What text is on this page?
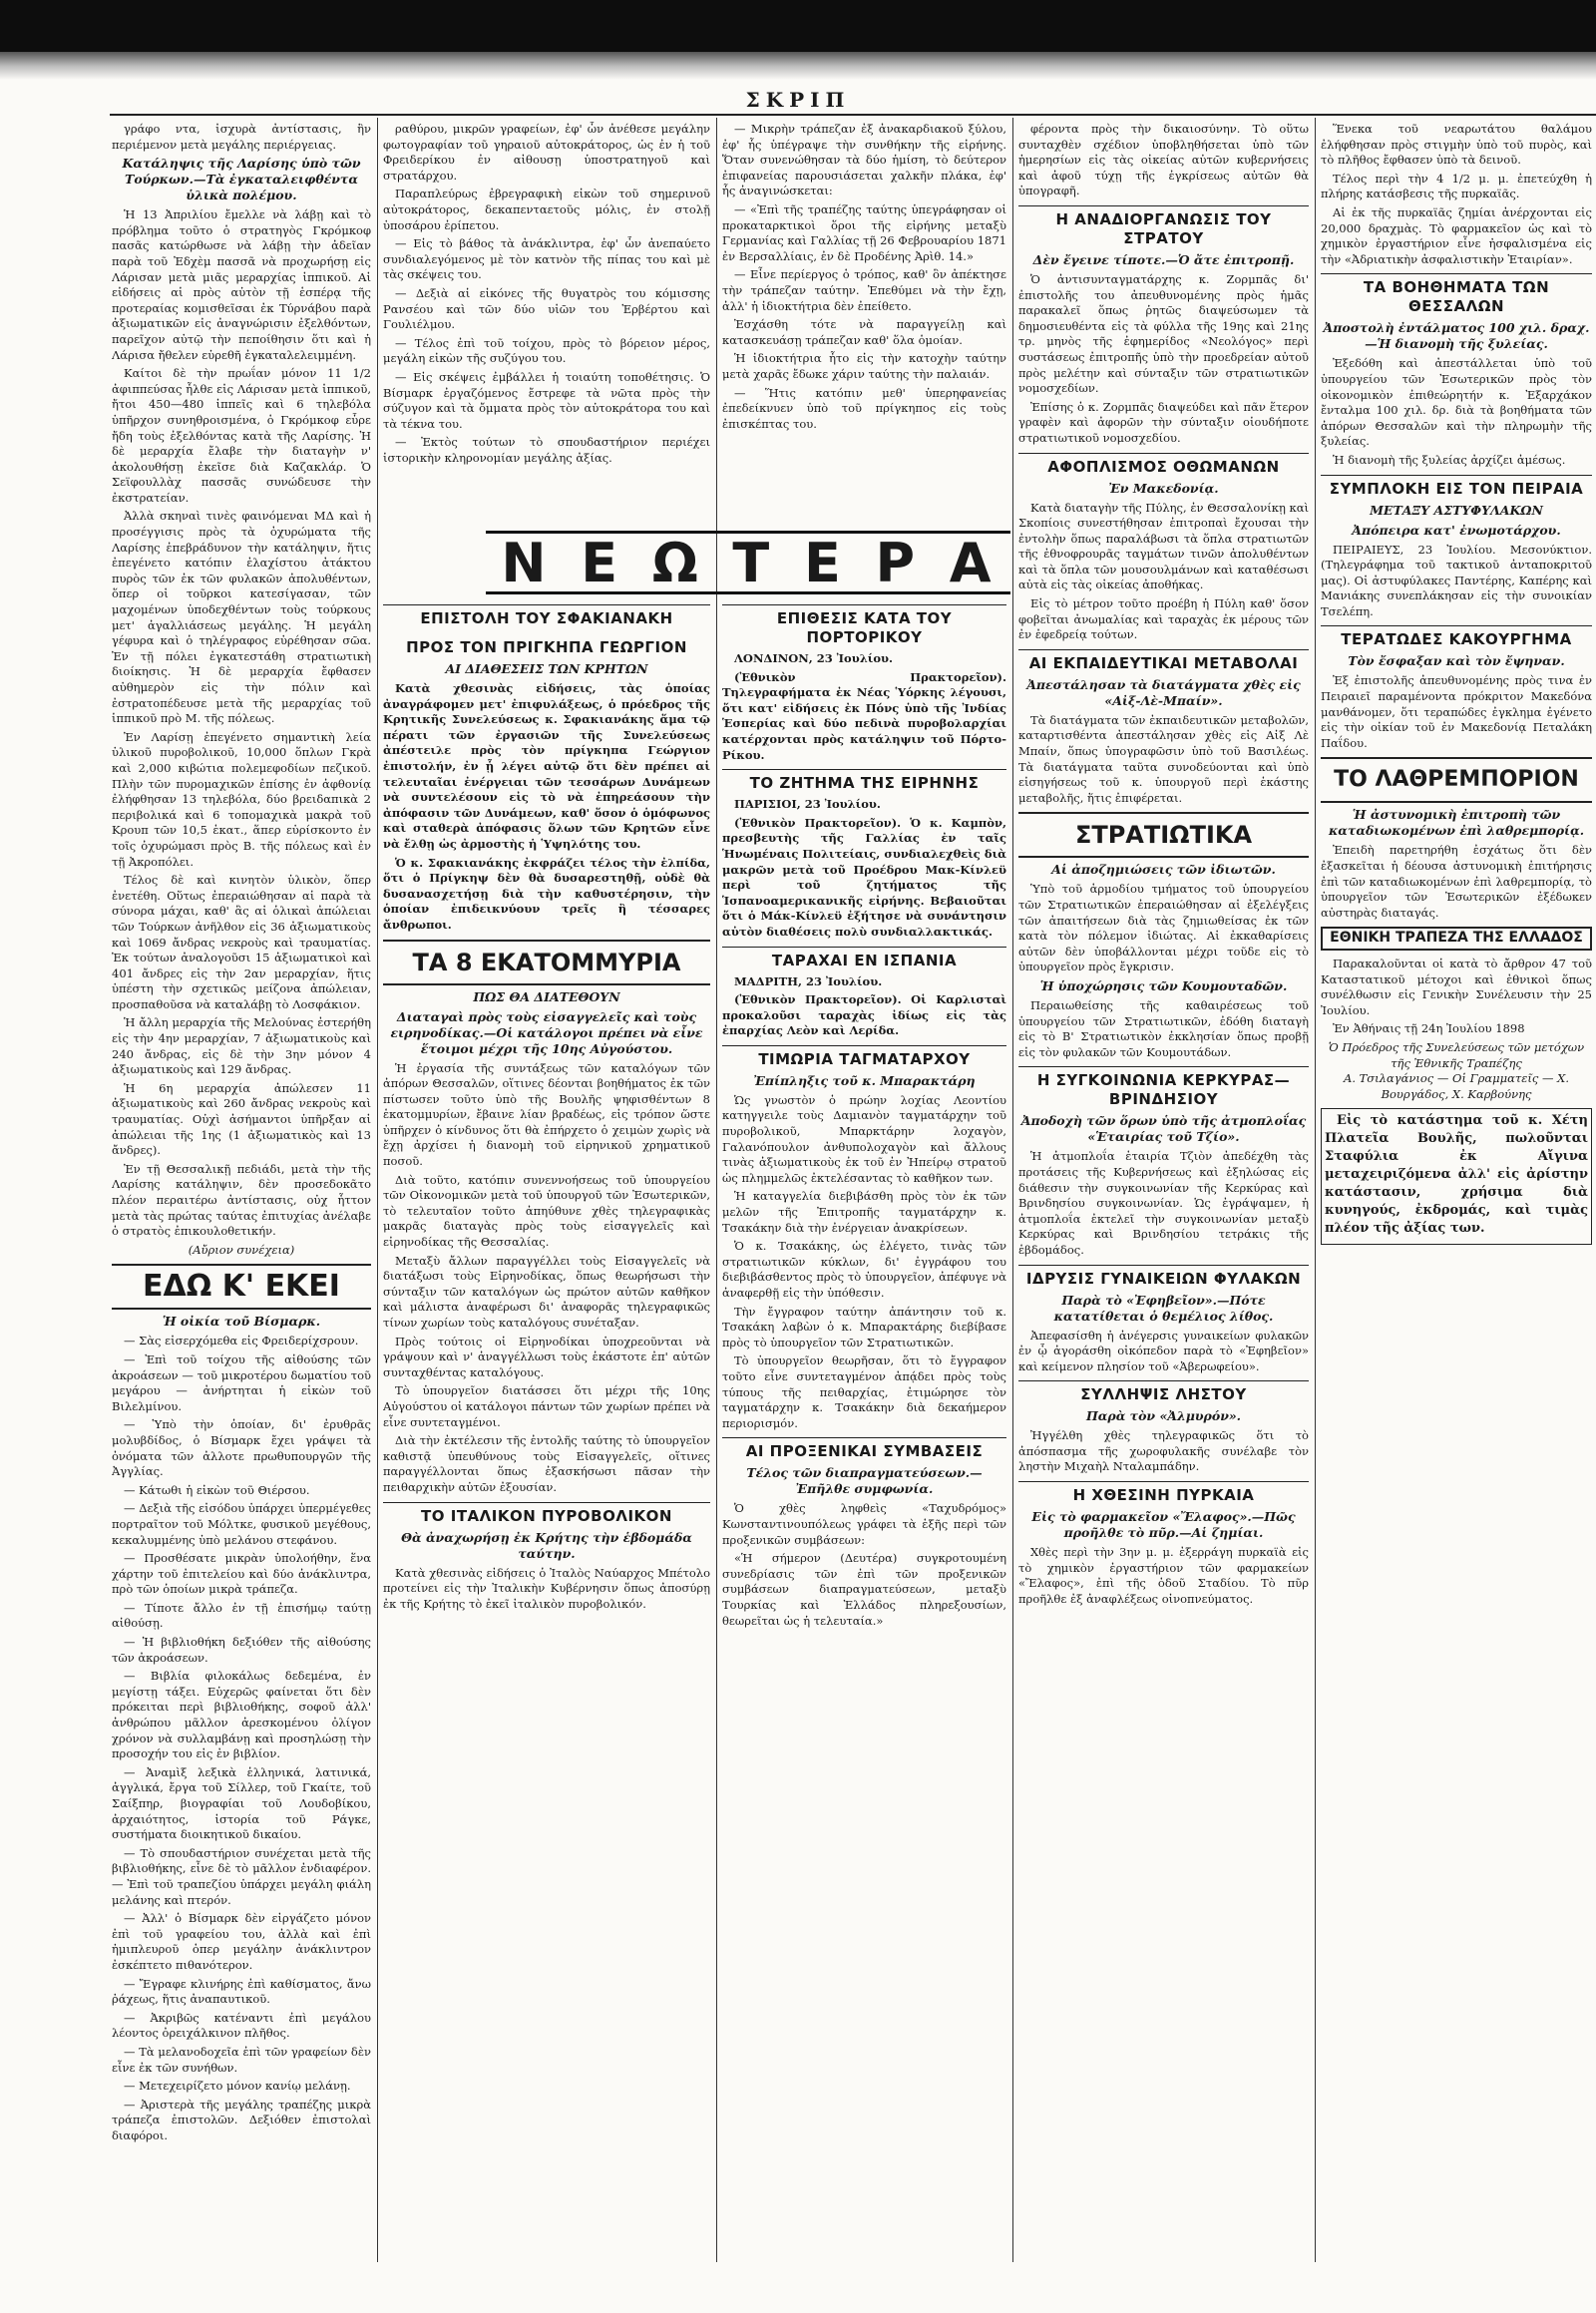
ΣΚΡΙΠ

γράφο ντα, ἰσχυρὰ ἀντίστασις, ἣν περιέμενον μετὰ μεγάλης περιέργειας.

Κατάληψις τῆς Λαρίσης ὑπὸ τῶν Τούρκων.—Τὰ ἐγκαταλειφθέντα ὑλικὰ πολέμου.

Ἡ 13 Ἀπριλίου ἔμελλε νὰ λάβῃ καὶ τὸ πρόβλημα τοῦτο ὁ στρατηγὸς Γκρόμκοφ πασᾶς κατώρθωσε νὰ λάβῃ τὴν ἀδεῖαν παρὰ τοῦ Ἐδχὲμ πασσᾶ νὰ προχωρήσῃ εἰς Λάρισαν μετὰ μιᾶς μεραρχίας ἱππικοῦ. Αἱ εἰδήσεις αἱ πρὸς αὐτὸν τῇ ἑσπέρᾳ τῆς προτεραίας κομισθεῖσαι ἐκ Τύρνάβου παρὰ ἀξιωματικῶν εἰς ἀναγνώρισιν ἐξελθόντων, παρεῖχον αὐτῷ τὴν πεποίθησιν ὅτι καὶ ἡ Λάρισα ἤθελεν εὑρεθῆ ἐγκαταλελειμμένη.

Καίτοι δὲ τὴν πρωΐαν μόνον 11 1/2 ἀφιππεύσας ἦλθε εἰς Λάρισαν μετὰ ἱππικοῦ, ἤτοι 450—480 ἱππεῖς καὶ 6 τηλεβόλα ὑπῆρχον συνηθροισμένα, ὁ Γκρόμκοφ εὗρε ἤδη τοὺς ἐξελθόντας κατὰ τῆς Λαρίσης. Ἡ δὲ μεραρχία ἔλαβε τὴν διαταγὴν ν' ἀκολουθήσῃ ἐκεῖσε διὰ Καζακλάρ. Ὁ Σεϊφουλλὰχ πασσᾶς συνώδευσε τὴν ἐκστρατείαν.

Ἀλλὰ σκηναὶ τινὲς φαινόμεναι ΜΔ καὶ ἡ προσέγγισις πρὸς τὰ ὀχυρώματα τῆς Λαρίσης ἐπεβράδυνον τὴν κατάληψιν, ἥτις ἐπεγένετο κατόπιν ἐλαχίστου ἀτάκτου πυρὸς τῶν ἐκ τῶν φυλακῶν ἀπολυθέντων, ὅπερ οἱ τοῦρκοι κατεσίγασαν, τῶν μαχομένων ὑποδεχθέντων τοὺς τούρκους μετ' ἀγαλλιάσεως μεγάλης. Ἡ μεγάλη γέφυρα καὶ ὁ τηλέγραφος εὑρέθησαν σῶα. Ἐν τῇ πόλει ἐγκατεστάθη στρατιωτικὴ διοίκησις. Ἡ δὲ μεραρχία ἔφθασεν αὐθημερὸν εἰς τὴν πόλιν καὶ ἐστρατοπέδευσε μετὰ τῆς μεραρχίας τοῦ ἱππικοῦ πρὸ Μ. τῆς πόλεως.

Ἐν Λαρίσῃ ἐπεγένετο σημαντικὴ λεία ὑλικοῦ πυροβολικοῦ, 10,000 ὅπλων Γκρὰ καὶ 2,000 κιβώτια πολεμεφοδίων πεζικοῦ. Πλὴν τῶν πυρομαχικῶν ἐπίσης ἐν ἀφθονίᾳ ἐλήφθησαν 13 τηλεβόλα, δύο βρειδαπικὰ 2 περιβολικά καὶ 6 τοπομαχικὰ μακρὰ τοῦ Κρουπ τῶν 10,5 ἑκατ., ἅπερ εὑρίσκοντο ἐν τοῖς ὀχυρώμασι πρὸς Β. τῆς πόλεως καὶ ἐν τῇ Ἀκροπόλει.

Τέλος δὲ καὶ κινητὸν ὑλικὸν, ὅπερ ἐνετέθη. Οὕτως ἐπεραιώθησαν αἱ παρὰ τὰ σύνορα μάχαι, καθ' ἃς αἱ ὁλικαὶ ἀπώλειαι τῶν Τούρκων ἀνῆλθον εἰς 36 ἀξιωματικοὺς καὶ 1069 ἄνδρας νεκροὺς καὶ τραυματίας. Ἐκ τούτων ἀναλογοῦσι 15 ἀξιωματικοὶ καὶ 401 ἄνδρες εἰς τὴν 2αν μεραρχίαν, ἥτις ὑπέστη τὴν σχετικῶς μείζονα ἀπώλειαν, προσπαθοῦσα νὰ καταλάβῃ τὸ Λοσφάκιον.

Ἡ ἄλλη μεραρχία τῆς Μελούνας ἐστερήθη εἰς τὴν 4ην μεραρχίαν, 7 ἀξιωματικοὺς καὶ 240 ἄνδρας, εἰς δὲ τὴν 3ην μόνον 4 ἀξιωματικοὺς καὶ 129 ἄνδρας.

Ἡ 6η μεραρχία ἀπώλεσεν 11 ἀξιωματικοὺς καὶ 260 ἄνδρας νεκροὺς καὶ τραυματίας. Οὐχὶ ἀσήμαντοι ὑπῆρξαν αἱ ἀπώλειαι τῆς 1ης (1 ἀξιωματικὸς καὶ 13 ἄνδρες).

Ἐν τῇ Θεσσαλικῇ πεδιάδι, μετὰ τὴν τῆς Λαρίσης κατάληψιν, δὲν προσεδοκᾶτο πλέον περαιτέρω ἀντίστασις, οὐχ ἧττον μετὰ τὰς πρώτας ταύτας ἐπιτυχίας ἀνέλαβε ὁ στρατὸς ἐπικουλοθετικήν.

(Αὔριον συνέχεια)
ΕΔΩ Κ' ΕΚΕΙ
Ἡ οἰκία τοῦ Βίσμαρκ.

— Σὰς εἰσερχόμεθα εἰς Φρειδερίχσρουν.

— Ἐπὶ τοῦ τοίχου τῆς αἰθούσης τῶν ἀκροάσεων — τοῦ μικροτέρου δωματίου τοῦ μεγάρου — ἀνήρτηται ἡ εἰκὼν τοῦ Βιλελμίνου.

— Ὑπὸ τὴν ὁποίαν, δι' ἐρυθρᾶς μολυβδίδος, ὁ Βίσμαρκ ἔχει γράψει τὰ ὀνόματα τῶν ἀλλοτε πρωθυπουργῶν τῆς Ἀγγλίας.

— Κάτωθι ἡ εἰκὼν τοῦ Θιέρσου.

— Δεξιὰ τῆς εἰσόδου ὑπάρχει ὑπερμέγεθες πορτραῖτον τοῦ Μόλτκε, φυσικοῦ μεγέθους, κεκαλυμμένης ὑπὸ μελάνου στεφάνου.

— Προσθέσατε μικρὰν ὑπολοήθην, ἕνα χάρτην τοῦ ἐπιτελείου καὶ δύο ἀνάκλιντρα, πρὸ τῶν ὁποίων μικρὰ τράπεζα.

— Τίποτε ἄλλο ἐν τῇ ἐπισήμῳ ταύτῃ αἰθούσῃ.

— Ἡ βιβλιοθήκη δεξιόθεν τῆς αἰθούσης τῶν ἀκροάσεων.

— Βιβλία φιλοκάλως δεδεμένα, ἐν μεγίστῃ τάξει. Εὐχερῶς φαίνεται ὅτι δὲν πρόκειται περὶ βιβλιοθήκης, σοφοῦ ἀλλ' ἀνθρώπου μᾶλλον ἀρεσκομένου ὀλίγον χρόνον νὰ συλλαμβάνῃ καὶ προσηλώσῃ τὴν προσοχήν του εἰς ἐν βιβλίον.

— Ἀναμὶξ λεξικὰ ἑλληνικά, λατινικά, ἀγγλικά, ἔργα τοῦ Σίλλερ, τοῦ Γκαίτε, τοῦ Σαίξπηρ, βιογραφίαι τοῦ Λουδοβίκου, ἀρχαιότητος, ἱστορία τοῦ Ράγκε, συστήματα διοικητικοῦ δικαίου.

— Τὸ σπουδαστήριον συνέχεται μετὰ τῆς βιβλιοθήκης, εἶνε δὲ τὸ μᾶλλον ἐνδιαφέρον. — Ἐπὶ τοῦ τραπεζίου ὑπάρχει μεγάλη φιάλη μελάνης καὶ πτερόν.

— Ἀλλ' ὁ Βίσμαρκ δὲν εἰργάζετο μόνον ἐπὶ τοῦ γραφείου του, ἀλλὰ καὶ ἐπὶ ἡμιπλευροῦ ὁπερ μεγάλην ἀνάκλιντρον ἐσκέπτετο πιθανότερον.

— Ἔγραφε κλινήρης ἐπὶ καθίσματος, ἄνω ῥάχεως, ἥτις ἀναπαυτικοῦ.

— Ἀκριβῶς κατέναντι ἐπὶ μεγάλου λέοντος ὀρειχάλκινον πλῆθος.

— Τὰ μελανοδοχεῖα ἐπὶ τῶν γραφείων δὲν εἶνε ἐκ τῶν συνήθων.

— Μετεχειρίζετο μόνον κανίῳ μελάνῃ.

— Ἀριστερὰ τῆς μεγάλης τραπέζης μικρὰ τράπεζα ἐπιστολῶν. Δεξιόθεν ἐπιστολαὶ διαφόροι.

ραθύρου, μικρῶν γραφείων, ἐφ' ὧν ἀνέθεσε μεγάλην φωτογραφίαν τοῦ γηραιοῦ αὐτοκράτορος, ὡς ἐν ἡ τοῦ Φρειδερίκου ἐν αἰθουσῃ ὑποστρατηγοῦ καὶ στρατάρχου.

Παραπλεύρως ἐβρεγραφικὴ εἰκὼν τοῦ σημερινοῦ αὐτοκράτορος, δεκαπενταετοῦς μόλις, ἐν στολῇ ὑποσάρου ἐρίπετου.

— Εἰς τὸ βάθος τὰ ἀνάκλιντρα, ἐφ' ὧν ἀνεπαύετο συνδιαλεγόμενος μὲ τὸν κατνὸν τῆς πίπας του καὶ μὲ τὰς σκέψεις του.

— Δεξιὰ αἱ εἰκόνες τῆς θυγατρὸς του κόμισσης Ρανσέου καὶ τῶν δύο υἱῶν του Ἑρβέρτου καὶ Γουλιέλμου.

— Τέλος ἐπὶ τοῦ τοίχου, πρὸς τὸ βόρειον μέρος, μεγάλη εἰκὼν τῆς συζύγου του.

— Εἰς σκέψεις ἐμβάλλει ἡ τοιαύτη τοποθέτησις. Ὁ Βίσμαρκ ἐργαζόμενος ἔστρεφε τὰ νῶτα πρὸς τὴν σύζυγον καὶ τὰ ὄμματα πρὸς τὸν αὐτοκράτορα του καὶ τὰ τέκνα του.

— Ἐκτὸς τούτων τὸ σπουδαστήριον περιέχει ἱστορικὴν κληρονομίαν μεγάλης ἀξίας.

— Μικρὴν τράπεζαν ἐξ ἀνακαρδιακοῦ ξύλου, ἐφ' ἧς ὑπέγραψε τὴν συνθήκην τῆς εἰρήνης. Ὅταν συνενώθησαν τὰ δύο ἡμίση, τὸ δεύτερον ἐπιφανείας παρουσιάσεται χαλκῆν πλάκα, ἐφ' ἧς ἀναγινώσκεται:

— «Ἐπὶ τῆς τραπέζης ταύτης ὑπεγράφησαν οἱ προκαταρκτικοὶ ὅροι τῆς εἰρήνης μεταξὺ Γερμανίας καὶ Γαλλίας τῇ 26 Φεβρουαρίου 1871 ἐν Βερσαλλίαις, ἐν δὲ Προδένης Ἀρὶθ. 14.»

— Εἶνε περίεργος ὁ τρόπος, καθ' ὃν ἀπέκτησε τὴν τράπεζαν ταύτην. Ἐπεθύμει νὰ τὴν ἔχῃ, ἀλλ' ἡ ἰδιοκτήτρια δὲν ἐπείθετο.

Ἐσχάσθη τότε νὰ παραγγείλῃ καὶ κατασκευάσῃ τράπεζαν καθ' ὅλα ὁμοίαν.

Ἡ ἰδιοκτήτρια ἦτο εἰς τὴν κατοχὴν ταύτην μετὰ χαρᾶς ἔδωκε χάριν ταύτης τὴν παλαιάν.

— Ἥτις κατόπιν μεθ' ὑπερηφανείας ἐπεδείκνυεν ὑπὸ τοῦ πρίγκηπος εἰς τοὺς ἐπισκέπτας του.

Ν Ε Ω Τ Ε Ρ Α
ΕΠΙΣΤΟΛΗ ΤΟΥ ΣΦΑΚΙΑΝΑΚΗ
ΠΡΟΣ ΤΟΝ ΠΡΙΓΚΗΠΑ ΓΕΩΡΓΙΟΝ
ΑΙ ΔΙΑΘΕΣΕΙΣ ΤΩΝ ΚΡΗΤΩΝ

Κατὰ χθεσινὰς εἰδήσεις, τὰς ὁποίας ἀναγράφομεν μετ' ἐπιφυλάξεως, ὁ πρόεδρος τῆς Κρητικῆς Συνελεύσεως κ. Σφακιανάκης ἅμα τῷ πέρατι τῶν ἐργασιῶν τῆς Συνελεύσεως ἀπέστειλε πρὸς τὸν πρίγκηπα Γεώργιον ἐπιστολήν, ἐν ᾗ λέγει αὐτῷ ὅτι δὲν πρέπει αἱ τελευταῖαι ἐνέργειαι τῶν τεσσάρων Δυνάμεων νὰ συντελέσουν εἰς τὸ νὰ ἐπηρεάσουν τὴν ἀπόφασιν τῶν Δυνάμεων, καθ' ὅσον ὁ ὁμόφωνος καὶ σταθερὰ ἀπόφασις ὅλων τῶν Κρητῶν εἶνε νὰ ἔλθῃ ὡς ἀρμοστὴς ἡ Ὑψηλότης του.

Ὁ κ. Σφακιανάκης ἐκφράζει τέλος τὴν ἐλπίδα, ὅτι ὁ Πρίγκηψ δὲν θὰ δυσαρεστηθῇ, οὐδὲ θὰ δυσανασχετήσῃ διὰ τὴν καθυστέρησιν, τὴν ὁποίαν ἐπιδεικνύουν τρεῖς ἢ τέσσαρες ἄνθρωποι.

ΤΑ 8 ΕΚΑΤΟΜΜΥΡΙΑ
ΠΩΣ ΘΑ ΔΙΑΤΕΘΟΥΝ
Διαταγαὶ πρὸς τοὺς εἰσαγγελεῖς καὶ τοὺς ειρηνοδίκας.—Οἱ κατάλογοι πρέπει νὰ εἶνε ἕτοιμοι μέχρι τῆς 10ης Αὐγούστου.

Ἡ ἐργασία τῆς συντάξεως τῶν καταλόγων τῶν ἀπόρων Θεσσαλῶν, οἵτινες δέονται βοηθήματος ἐκ τῶν πίστωσεν τοῦτο ὑπὸ τῆς Βουλῆς ψηφισθέντων 8 ἑκατομμυρίων, ἔβαινε λίαν βραδέως, εἰς τρόπον ὥστε ὑπῆρχεν ὁ κίνδυνος ὅτι θὰ ἐπήρχετο ὁ χειμὼν χωρὶς νὰ ἔχῃ ἀρχίσει ἡ διανομὴ τοῦ εἰρηνικοῦ χρηματικοῦ ποσοῦ.

Διὰ τοῦτο, κατόπιν συνεννοήσεως τοῦ ὑπουργείου τῶν Οἰκονομικῶν μετὰ τοῦ ὑπουργοῦ τῶν Ἐσωτερικῶν, τὸ τελευταῖον τοῦτο ἀπηύθυνε χθὲς τηλεγραφικὰς μακρᾶς διαταγὰς πρὸς τοὺς εἰσαγγελεῖς καὶ εἰρηνοδίκας τῆς Θεσσαλίας.

Μεταξὺ ἄλλων παραγγέλλει τοὺς Εἰσαγγελεῖς νὰ διατάξωσι τοὺς Εἰρηνοδίκας, ὅπως θεωρήσωσι τὴν σύνταξιν τῶν καταλόγων ὡς πρώτον αὐτῶν καθῆκον καὶ μάλιστα ἀναφέρωσι δι' ἀναφορᾶς τηλεγραφικῶς τίνων χωρίων τοὺς καταλόγους συνέταξαν.

Πρὸς τούτοις οἱ Εἰρηνοδίκαι ὑποχρεοῦνται νὰ γράψουν καὶ ν' ἀναγγέλλωσι τοὺς ἑκάστοτε ἐπ' αὐτῶν συνταχθέντας καταλόγους.

Τὸ ὑπουργεῖον διατάσσει ὅτι μέχρι τῆς 10ης Αὐγούστου οἱ κατάλογοι πάντων τῶν χωρίων πρέπει νὰ εἶνε συντεταγμένοι.

Διὰ τὴν ἐκτέλεσιν τῆς ἐντολῆς ταύτης τὸ ὑπουργεῖον καθιστᾷ ὑπευθύνους τοὺς Εἰσαγγελεῖς, οἵτινες παραγγέλλονται ὅπως ἐξασκήσωσι πᾶσαν τὴν πειθαρχικὴν αὐτῶν ἐξουσίαν.

ΤΟ ΙΤΑΛΙΚΟΝ ΠΥΡΟΒΟΛΙΚΟΝ
Θὰ ἀναχωρήσῃ ἐκ Κρήτης τὴν ἑβδομάδα ταύτην.

Κατὰ χθεσινὰς εἰδήσεις ὁ Ἰταλὸς Ναύαρχος Μπέτολο προτείνει εἰς τὴν Ἰταλικὴν Κυβέρνησιν ὅπως ἀποσύρῃ ἐκ τῆς Κρήτης τὸ ἐκεῖ ἰταλικὸν πυροβολικόν.

ΕΠΙΘΕΣΙΣ ΚΑΤΑ ΤΟΥ ΠΟΡΤΟΡΙΚΟΥ

ΛΟΝΔΙΝΟΝ, 23 Ἰουλίου.

(Ἐθνικὸν Πρακτορεῖον). Τηλεγραφήματα ἐκ Νέας Ὑόρκης λέγουσι, ὅτι κατ' εἰδήσεις ἐκ Πόνς ὑπὸ τῆς Ἰνδίας Ἑσπερίας καὶ δύο πεδινὰ πυροβολαρχίαι κατέρχονται πρὸς κατάληψιν τοῦ Πόρτο-Ρίκου.

ΤΟ ΖΗΤΗΜΑ ΤΗΣ ΕΙΡΗΝΗΣ

ΠΑΡΙΣΙΟΙ, 23 Ἰουλίου.

(Ἐθνικὸν Πρακτορεῖον). Ὁ κ. Καμπὸν, πρεσβευτὴς τῆς Γαλλίας ἐν ταῖς Ἡνωμέναις Πολιτείαις, συνδιαλεχθεὶς διὰ μακρῶν μετὰ τοῦ Προέδρου Μακ-Κίνλεϋ περὶ τοῦ ζητήματος τῆς Ἱσπανοαμερικανικῆς εἰρήνης. Βεβαιοῦται ὅτι ὁ Μάκ-Κίνλεϋ ἐξήτησε νὰ συνάντησιν αὐτὸν διαθέσεις πολὺ συνδιαλλακτικάς.

ΤΑΡΑΧΑΙ ΕΝ ΙΣΠΑΝΙΑ

ΜΑΔΡΙΤΗ, 23 Ἰουλίου.

(Ἐθνικὸν Πρακτορεῖον). Οἱ Καρλισταὶ προκαλοῦσι ταραχὰς ἰδίως εἰς τὰς ἐπαρχίας Λεὸν καὶ Λερίδα.

ΤΙΜΩΡΙΑ ΤΑΓΜΑΤΑΡΧΟΥ
Ἐπίπληξις τοῦ κ. Μπαρακτάρη

Ὡς γνωστὸν ὁ πρώην λοχίας Λεοντίου κατηγγειλε τοὺς Δαμιανὸν ταγματάρχην τοῦ πυροβολικοῦ, Μπαρκτάρην λοχαγὸν, Γαλανόπουλον ἀνθυπολοχαγὸν καὶ ἄλλους τινὰς ἀξιωματικοὺς ἐκ τοῦ ἐν Ἠπείρῳ στρατοῦ ὡς πλημμελῶς ἐκτελέσαντας τὸ καθῆκον των.

Ἡ καταγγελία διεβιβάσθη πρὸς τὸν ἐκ τῶν μελῶν τῆς Ἐπιτροπῆς ταγματάρχην κ. Τσακάκην διὰ τὴν ἐνέργειαν ἀνακρίσεων.

Ὁ κ. Τσακάκης, ὡς ἐλέγετο, τινὰς τῶν στρατιωτικῶν κύκλων, δι' ἐγγράφου του διεβιβάσθεντος πρὸς τὸ ὑπουργεῖον, ἀπέφυγε νὰ ἀναφερθῇ εἰς τὴν ὑπόθεσιν.

Τὴν ἔγγραφον ταύτην ἀπάντησιν τοῦ κ. Τσακάκη λαβὼν ὁ κ. Μπαρακτάρης διεβίβασε πρὸς τὸ ὑπουργεῖον τῶν Στρατιωτικῶν.

Τὸ ὑπουργεῖον θεωρῆσαν, ὅτι τὸ ἔγγραφον τοῦτο εἶνε συντεταγμένον ἀπᾴδει πρὸς τοὺς τύπους τῆς πειθαρχίας, ἐτιμώρησε τὸν ταγματάρχην κ. Τσακάκην διὰ δεκαήμερον περιορισμόν.

ΑΙ ΠΡΟΞΕΝΙΚΑΙ ΣΥΜΒΑΣΕΙΣ
Τέλος τῶν διαπραγματεύσεων.—Ἐπῆλθε συμφωνία.

Ὁ χθὲς ληφθεὶς «Ταχυδρόμος» Κωνσταντινουπόλεως γράφει τὰ ἑξῆς περὶ τῶν προξενικῶν συμβάσεων:

«Ἡ σήμερον (Δευτέρα) συγκροτουμένη συνεδρίασις τῶν ἐπὶ τῶν προξενικῶν συμβάσεων διαπραγματεύσεων, μεταξὺ Τουρκίας καὶ Ἑλλάδος πληρεξουσίων, θεωρεῖται ὡς ἡ τελευταία.»

φέροντα πρὸς τὴν δικαιοσύνην. Τὸ οὕτω συνταχθὲν σχέδιον ὑποβληθήσεται ὑπὸ τῶν ἡμερησίων εἰς τὰς οἰκείας αὐτῶν κυβερνήσεις καὶ ἀφοῦ τύχῃ τῆς ἐγκρίσεως αὐτῶν θὰ ὑπογραφῆ.

Η ΑΝΑΔΙΟΡΓΑΝΩΣΙΣ ΤΟΥ ΣΤΡΑΤΟΥ
Δὲν ἔγεινε τίποτε.—Ὁ ἄτε ἐπιτροπῇ.

Ὁ ἀντισυνταγματάρχης κ. Ζορμπᾶς δι' ἐπιστολῆς του ἀπευθυνομένης πρὸς ἡμᾶς παρακαλεῖ ὅπως ῥητῶς διαψεύσωμεν τὰ δημοσιευθέντα εἰς τὰ φύλλα τῆς 19ης καὶ 21ης τρ. μηνὸς τῆς ἐφημερίδος «Νεολόγος» περὶ συστάσεως ἐπιτροπῆς ὑπὸ τὴν προεδρείαν αὐτοῦ πρὸς μελέτην καὶ σύνταξιν τῶν στρατιωτικῶν νομοσχεδίων.

Ἐπίσης ὁ κ. Ζορμπᾶς διαψεύδει καὶ πᾶν ἕτερον γραφὲν καὶ ἀφορῶν τὴν σύνταξιν οἱουδήποτε στρατιωτικοῦ νομοσχεδίου.

ΑΦΟΠΛΙΣΜΟΣ ΟΘΩΜΑΝΩΝ
Ἐν Μακεδονίᾳ.

Κατὰ διαταγὴν τῆς Πύλης, ἐν Θεσσαλονίκῃ καὶ Σκοπίοις συνεστήθησαν ἐπιτροπαὶ ἔχουσαι τὴν ἐντολὴν ὅπως παραλάβωσι τὰ ὅπλα στρατιωτῶν τῆς ἐθνοφρουρᾶς ταγμάτων τινῶν ἀπολυθέντων καὶ τὰ ὅπλα τῶν μουσουλμάνων καὶ καταθέσωσι αὐτὰ εἰς τὰς οἰκείας ἀποθήκας.

Εἰς τὸ μέτρον τοῦτο προέβη ἡ Πύλη καθ' ὅσον φοβεῖται ἀνωμαλίας καὶ ταραχὰς ἐκ μέρους τῶν ἐν ἐφεδρείᾳ τούτων.

ΑΙ ΕΚΠΑΙΔΕΥΤΙΚΑΙ ΜΕΤΑΒΟΛΑΙ
Ἀπεστάλησαν τὰ διατάγματα χθὲς εἰς «Αἰξ-Λὲ-Μπαίν».

Τὰ διατάγματα τῶν ἐκπαιδευτικῶν μεταβολῶν, καταρτισθέντα ἀπεστάλησαν χθὲς εἰς Αἰξ Λὲ Μπαίν, ὅπως ὑπογραφῶσιν ὑπὸ τοῦ Βασιλέως. Τὰ διατάγματα ταῦτα συνοδεύονται καὶ ὑπὸ εἰσηγήσεως τοῦ κ. ὑπουργοῦ περὶ ἑκάστης μεταβολῆς, ἥτις ἐπιφέρεται.

ΣΤΡΑΤΙΩΤΙΚΑ
Αἱ ἀποζημιώσεις τῶν ἰδιωτῶν.

Ὑπὸ τοῦ ἁρμοδίου τμήματος τοῦ ὑπουργείου τῶν Στρατιωτικῶν ἐπεραιώθησαν αἱ ἐξελέγξεις τῶν ἀπαιτήσεων διὰ τὰς ζημιωθείσας ἐκ τῶν κατὰ τὸν πόλεμον ἰδιώτας. Αἱ ἐκκαθαρίσεις αὐτῶν δὲν ὑποβάλλονται μέχρι τοῦδε εἰς τὸ ὑπουργεῖον πρὸς ἔγκρισιν.

Ἡ ὑποχώρησις τῶν Κουμουταδῶν.

Περαιωθείσης τῆς καθαιρέσεως τοῦ ὑπουργείου τῶν Στρατιωτικῶν, ἐδόθη διαταγὴ εἰς τὸ Β' Στρατιωτικὸν ἐκκλησίαν ὅπως προβῇ εἰς τὸν φυλακῶν τῶν Κουμουτάδων.

Η ΣΥΓΚΟΙΝΩΝΙΑ ΚΕΡΚΥΡΑΣ—ΒΡΙΝΔΗΣΙΟΥ
Ἀποδοχὴ τῶν ὅρων ὑπὸ τῆς ἀτμοπλοΐας «Ἑταιρίας τοῦ Τζίο».

Ἡ ἀτμοπλοΐα ἑταιρία Τζιὸν ἀπεδέχθη τὰς προτάσεις τῆς Κυβερνήσεως καὶ ἐξηλώσας εἰς διάθεσιν τὴν συγκοινωνίαν τῆς Κερκύρας καὶ Βρινδησίου συγκοινωνίαν. Ὡς ἐγράψαμεν, ἡ ἀτμοπλοΐα ἐκτελεῖ τὴν συγκοινωνίαν μεταξὺ Κερκύρας καὶ Βρινδησίου τετράκις τῆς ἑβδομάδος.

ΙΔΡΥΣΙΣ ΓΥΝΑΙΚΕΙΩΝ ΦΥΛΑΚΩΝ
Παρὰ τὸ «Ἐφηβεῖον».—Πότε κατατίθεται ὁ θεμέλιος λίθος.

Ἀπεφασίσθη ἡ ἀνέγερσις γυναικείων φυλακῶν ἐν ᾧ ἀγοράσθη οἰκόπεδον παρὰ τὸ «Ἐφηβεῖον» καὶ κείμενον πλησίον τοῦ «Ἀβερωφείου».

ΣΥΛΛΗΨΙΣ ΛΗΣΤΟΥ
Παρὰ τὸν «Ἀλμυρόν».

Ἠγγέλθη χθὲς τηλεγραφικῶς ὅτι τὸ ἀπόσπασμα τῆς χωροφυλακῆς συνέλαβε τὸν ληστὴν Μιχαὴλ Νταλαμπάδην.

Η ΧΘΕΣΙΝΗ ΠΥΡΚΑΙΑ
Εἰς τὸ φαρμακεῖον «Ἔλαφος».—Πῶς προῆλθε τὸ πῦρ.—Αἱ ζημίαι.

Χθὲς περὶ τὴν 3ην μ. μ. ἐξερράγη πυρκαϊὰ εἰς τὸ χημικὸν ἐργαστήριον τῶν φαρμακείων «Ἔλαφος», ἐπὶ τῆς ὁδοῦ Σταδίου. Τὸ πῦρ προῆλθε ἐξ ἀναφλέξεως οἰνοπνεύματος.

Ἕνεκα τοῦ νεαρωτάτου θαλάμου ἐλήφθησαν πρὸς στιγμὴν ὑπὸ τοῦ πυρὸς, καὶ τὸ πλῆθος ἔφθασεν ὑπὸ τὰ δεινοῦ.

Τέλος περὶ τὴν 4 1/2 μ. μ. ἐπετεύχθη ἡ πλήρης κατάσβεσις τῆς πυρκαϊᾶς.

Αἱ ἐκ τῆς πυρκαϊᾶς ζημίαι ἀνέρχονται εἰς 20,000 δραχμὰς. Τὸ φαρμακεῖον ὡς καὶ τὸ χημικὸν ἐργαστήριον εἶνε ἠσφαλισμένα εἰς τὴν «Ἀδριατικὴν ἀσφαλιστικὴν Ἑταιρίαν».

ΤΑ ΒΟΗΘΗΜΑΤΑ ΤΩΝ ΘΕΣΣΑΛΩΝ
Ἀποστολὴ ἐντάλματος 100 χιλ. δραχ.—Ἡ διανομὴ τῆς ξυλείας.

Ἐξεδόθη καὶ ἀπεστάλλεται ὑπὸ τοῦ ὑπουργείου τῶν Ἐσωτερικῶν πρὸς τὸν οἰκονομικὸν ἐπιθεώρητήν κ. Ἐξαρχάκον ἔνταλμα 100 χιλ. δρ. διὰ τὰ βοηθήματα τῶν ἀπόρων Θεσσαλῶν καὶ τὴν πληρωμὴν τῆς ξυλείας.

Ἡ διανομὴ τῆς ξυλείας ἀρχίζει ἀμέσως.

ΣΥΜΠΛΟΚΗ ΕΙΣ ΤΟΝ ΠΕΙΡΑΙΑ
ΜΕΤΑΞΥ ΑΣΤΥΦΥΛΑΚΩΝ
Ἀπόπειρα κατ' ἐνωμοτάρχου.

ΠΕΙΡΑΙΕΥΣ, 23 Ἰουλίου. Μεσονύκτιον. (Τηλεγράφημα τοῦ τακτικοῦ ἀνταποκριτοῦ μας). Οἱ ἀστυφύλακες Παντέρης, Καπέρης καὶ Μανιάκης συνεπλάκησαν εἰς τὴν συνοικίαν Τσελέπη.

ΤΕΡΑΤΩΔΕΣ ΚΑΚΟΥΡΓΗΜΑ
Τὸν ἔσφαξαν καὶ τὸν ἔψηναν.

Ἐξ ἐπιστολῆς ἀπευθυνομένης πρὸς τινα ἐν Πειραιεῖ παραμένοντα πρόκριτον Μακεδόνα μανθάνομεν, ὅτι τεραπώδες ἐγκλημα ἐγένετο εἰς τὴν οἰκίαν τοῦ ἐν Μακεδονίᾳ Πεταλάκη Παΐδου.

ΤΟ ΛΑΘΡΕΜΠΟΡΙΟΝ
Ἡ ἀστυνομικὴ ἐπιτροπὴ τῶν καταδιωκομένων ἐπὶ λαθρεμπορίᾳ.

Ἐπειδὴ παρετηρήθη ἐσχάτως ὅτι δὲν ἐξασκεῖται ἡ δέουσα ἀστυνομικὴ ἐπιτήρησις ἐπὶ τῶν καταδιωκομένων ἐπὶ λαθρεμπορίᾳ, τὸ ὑπουργεῖον τῶν Ἐσωτερικῶν ἐξέδωκεν αὐστηρὰς διαταγάς.

ΕΘΝΙΚΗ ΤΡΑΠΕΖΑ ΤΗΣ ΕΛΛΑΔΟΣ

Παρακαλοῦνται οἱ κατὰ τὸ ἄρθρον 47 τοῦ Καταστατικοῦ μέτοχοι καὶ ἐθνικοὶ ὅπως συνέλθωσιν εἰς Γενικὴν Συνέλευσιν τὴν 25 Ἰουλίου.

Ἐν Ἀθήναις τῇ 24η Ἰουλίου 1898

Ὁ Πρόεδρος τῆς Συνελεύσεως τῶν μετόχων τῆς Ἐθνικῆς Τραπέζης
Α. Τσιλαγάνιος — Οἱ Γραμματεῖς — Χ. Βουργάδος, Χ. Καρβούνης

Εἰς τὸ κατάστημα τοῦ κ. Χέτη Πλατεῖα Βουλῆς, πωλοῦνται Σταφύλια ἐκ Αἴγινα μεταχειριζόμενα ἀλλ' εἰς ἀρίστην κατάστασιν, χρήσιμα διὰ κυνηγούς, ἐκδρομάς, καὶ τιμὰς πλέον τῆς ἀξίας των.
